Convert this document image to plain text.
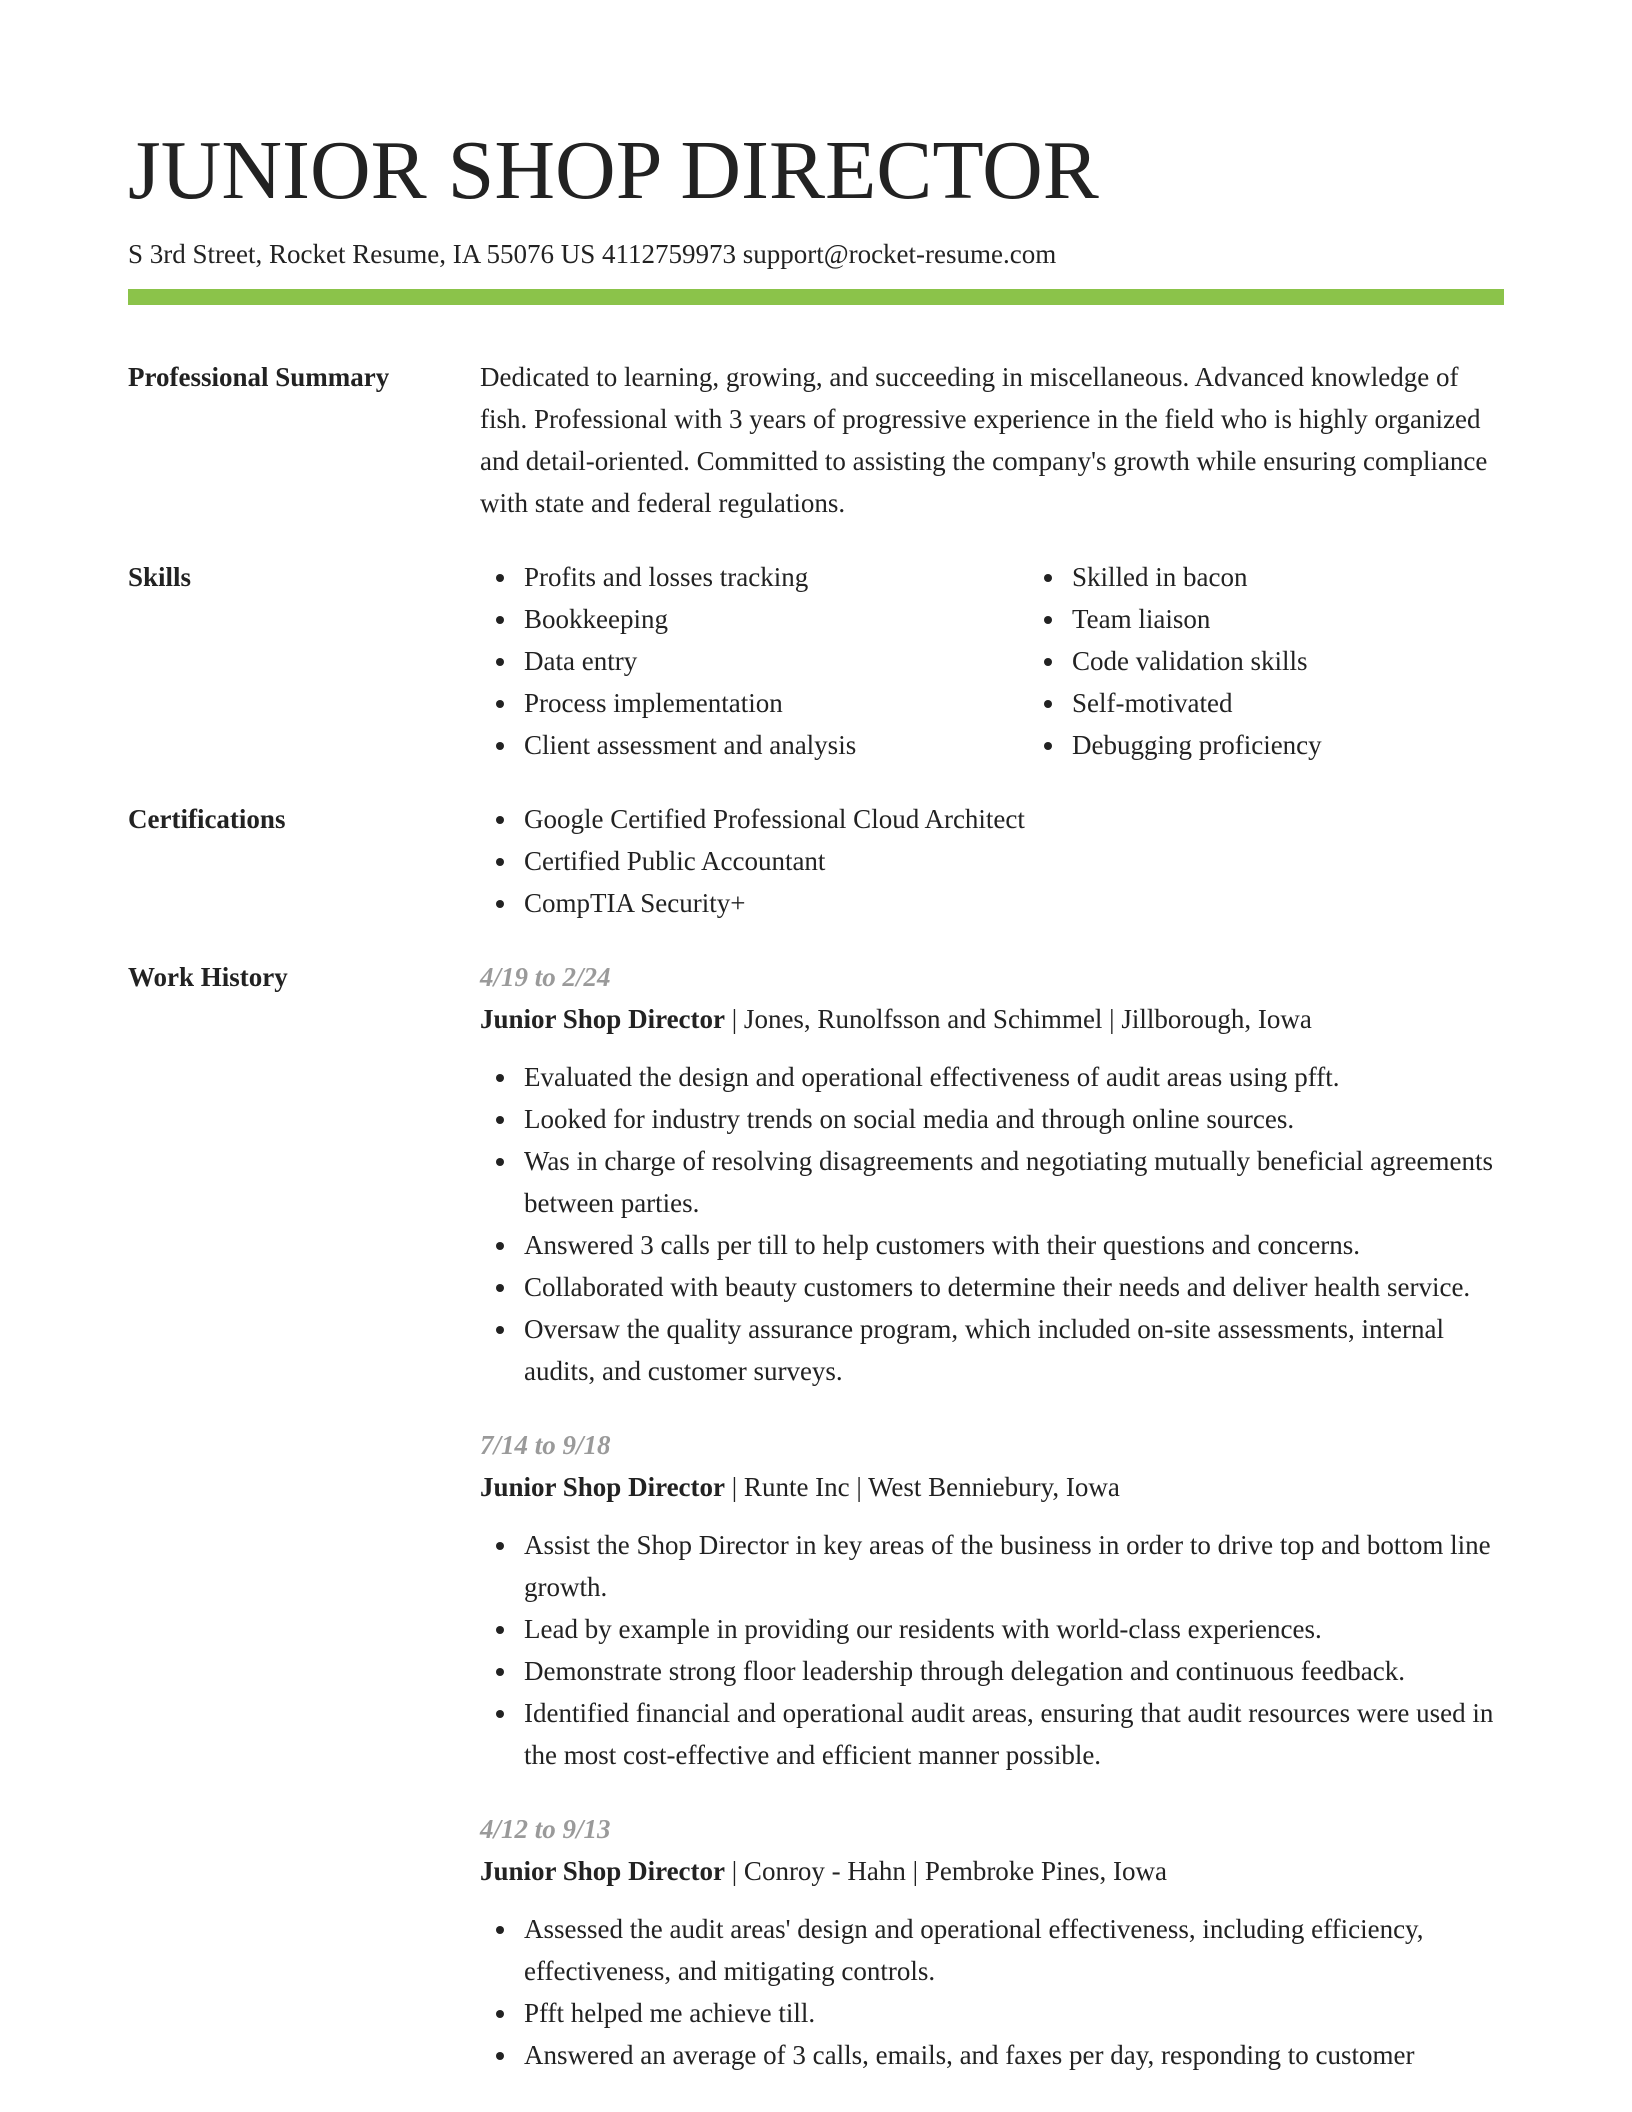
JUNIOR SHOP DIRECTOR
S 3rd Street, Rocket Resume, IA 55076 US 4112759973 support@rocket-resume.com
Professional Summary	Dedicated to learning, growing, and succeeding in miscellaneous. Advanced knowledge of fish. Professional with 3 years of progressive experience in the field who is highly organized and detail-oriented. Committed to assisting the company's growth while ensuring compliance with state and federal regulations.
Skills	Profits and losses tracking
Bookkeeping
Data entry
Process implementation
Client assessment and analysis
Skilled in bacon
Team liaison
Code validation skills
Self-motivated
Debugging proficiency
Certifications	Google Certified Professional Cloud Architect
Certified Public Accountant
CompTIA Security+
Work History	4/19 to 2/24
Junior Shop Director | Jones, Runolfsson and Schimmel | Jillborough, Iowa
Evaluated the design and operational effectiveness of audit areas using pfft.
Looked for industry trends on social media and through online sources.
Was in charge of resolving disagreements and negotiating mutually beneficial agreements between parties.
Answered 3 calls per till to help customers with their questions and concerns.
Collaborated with beauty customers to determine their needs and deliver health service.
Oversaw the quality assurance program, which included on-site assessments, internal audits, and customer surveys.
7/14 to 9/18
Junior Shop Director | Runte Inc | West Benniebury, Iowa
Assist the Shop Director in key areas of the business in order to drive top and bottom line growth.
Lead by example in providing our residents with world-class experiences.
Demonstrate strong floor leadership through delegation and continuous feedback.
Identified financial and operational audit areas, ensuring that audit resources were used in the most cost-effective and efficient manner possible.
4/12 to 9/13
Junior Shop Director | Conroy - Hahn | Pembroke Pines, Iowa
Assessed the audit areas' design and operational effectiveness, including efficiency, effectiveness, and mitigating controls.
Pfft helped me achieve till.
Answered an average of 3 calls, emails, and faxes per day, responding to customer
